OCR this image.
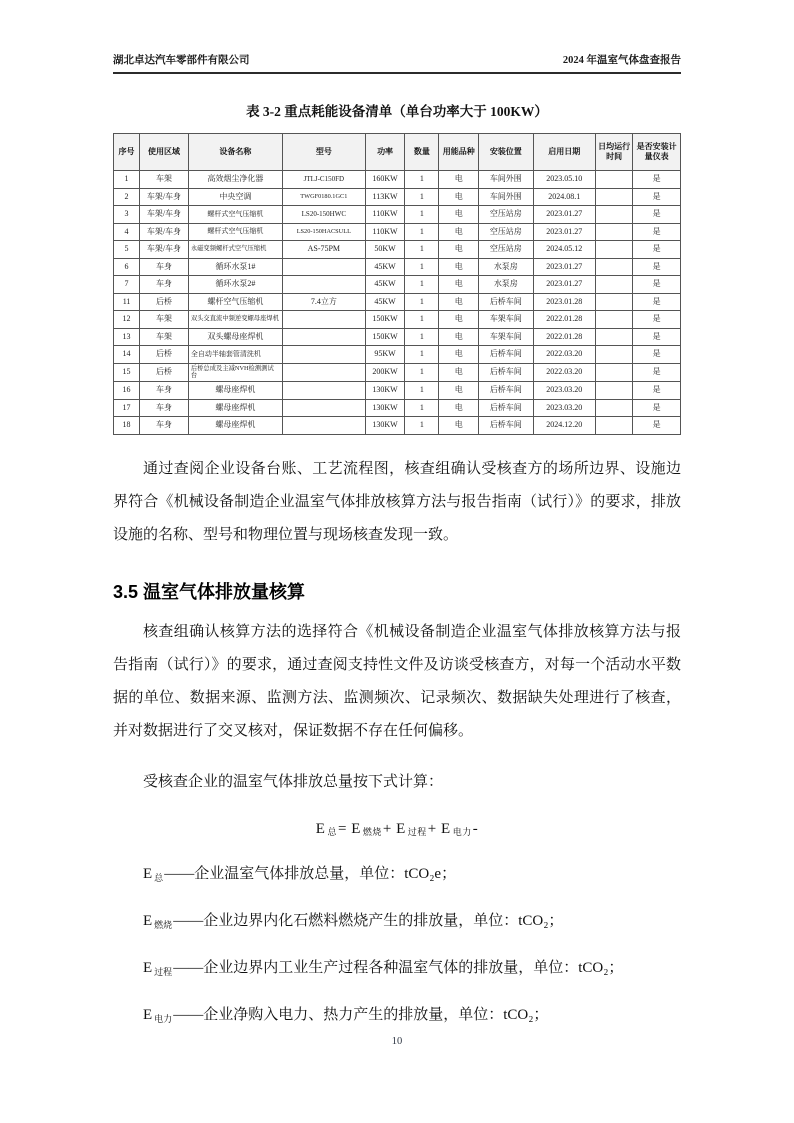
湖北卓达汽车零部件有限公司	2024 年温室气体盘查报告
表 3-2 重点耗能设备清单（单台功率大于 100KW）
序号	使用区域	设备名称	型号	功率	数量	用能品种	安装位置	启用日期	日均运行时间	是否安装计量仪表
1	车架	高效烟尘净化器	JTLJ-C150FD	160KW	1	电	车间外围	2023.05.10		是
2	车架/车身	中央空调	TWGF0180.1GC1	113KW	1	电	车间外围	2024.08.1		是
3	车架/车身	螺杆式空气压缩机	LS20-150HWC	110KW	1	电	空压站房	2023.01.27		是
4	车架/车身	螺杆式空气压缩机	LS20-150HACSULL	110KW	1	电	空压站房	2023.01.27		是
5	车架/车身	永磁变频螺杆式空气压缩机	AS-75PM	50KW	1	电	空压站房	2024.05.12		是
6	车身	循环水泵1#		45KW	1	电	水泵房	2023.01.27		是
7	车身	循环水泵2#		45KW	1	电	水泵房	2023.01.27		是
11	后桥	螺杆空气压缩机	7.4立方	45KW	1	电	后桥车间	2023.01.28		是
12	车架	双头交直流中频逆变螺母座焊机		150KW	1	电	车架车间	2022.01.28		是
13	车架	双头螺母座焊机		150KW	1	电	车架车间	2022.01.28		是
14	后桥	全自动半轴套管清洗机		95KW	1	电	后桥车间	2022.03.20		是
15	后桥	后桥总成及主减NVH检测测试台		200KW	1	电	后桥车间	2022.03.20		是
16	车身	螺母座焊机		130KW	1	电	后桥车间	2023.03.20		是
17	车身	螺母座焊机		130KW	1	电	后桥车间	2023.03.20		是
18	车身	螺母座焊机		130KW	1	电	后桥车间	2024.12.20		是

通过查阅企业设备台账、工艺流程图，核查组确认受核查方的场所边界、设施边界符合《机械设备制造企业温室气体排放核算方法与报告指南（试行）》的要求，排放设施的名称、型号和物理位置与现场核查发现一致。

3.5 温室气体排放量核算

核查组确认核算方法的选择符合《机械设备制造企业温室气体排放核算方法与报告指南（试行）》的要求，通过查阅支持性文件及访谈受核查方，对每一个活动水平数据的单位、数据来源、监测方法、监测频次、记录频次、数据缺失处理进行了核查，并对数据进行了交叉核对，保证数据不存在任何偏移。

受核查企业的温室气体排放总量按下式计算：

E $_总$= E $_{燃烧}$+ E $_{过程}$+ E $_{电力}$-
E $_总$——企业温室气体排放总量，单位：tCO₂e；
E $_{燃烧}$——企业边界内化石燃料燃烧产生的排放量，单位：tCO₂；
E $_{过程}$——企业边界内工业生产过程各种温室气体的排放量，单位：tCO₂；
E $_{电力}$——企业净购入电力、热力产生的排放量，单位：tCO₂；
10
